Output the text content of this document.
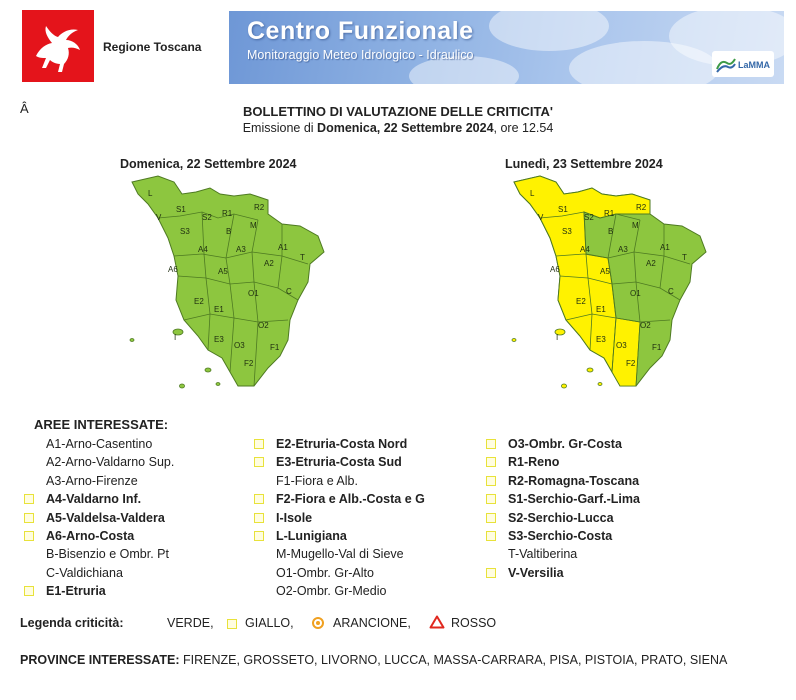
Regione Toscana
Centro Funzionale
Monitoraggio Meteo Idrologico - Idraulico
LaMMA
Â	BOLLETTINO DI VALUTAZIONE DELLE CRITICITA'
Emissione di Domenica, 22 Settembre 2024, ore 12.54
Domenica, 22 Settembre 2024	Lunedì, 23 Settembre 2024
L
V
S1
S2
S3
R2
R1
M
B
A4	A3	A1
A6	A5
A2
T
E2
O1	C
E1
O2
I	E3
O3	F1
F2
L
V
S1
S2
S3
R2
R1
M
B
A4	A3	A1
A6	A5
A2
T
E2
O1	C
E1
O2
I	E3
O3	F1
F2
AREE INTERESSATE:
A1-Arno-Casentino
A2-Arno-Valdarno Sup.
A3-Arno-Firenze
A4-Valdarno Inf.
A5-Valdelsa-Valdera
A6-Arno-Costa
B-Bisenzio e Ombr. Pt
C-Valdichiana
E1-Etruria
E2-Etruria-Costa Nord
E3-Etruria-Costa Sud
F1-Fiora e Alb.
F2-Fiora e Alb.-Costa e G
I-Isole
L-Lunigiana
M-Mugello-Val di Sieve
O1-Ombr. Gr-Alto
O2-Ombr. Gr-Medio
O3-Ombr. Gr-Costa
R1-Reno
R2-Romagna-Toscana
S1-Serchio-Garf.-Lima
S2-Serchio-Lucca
S3-Serchio-Costa
T-Valtiberina
V-Versilia
Legenda criticità:	VERDE,	GIALLO,	ARANCIONE,	ROSSO
PROVINCE INTERESSATE: FIRENZE, GROSSETO, LIVORNO, LUCCA, MASSA-CARRARA, PISA, PISTOIA, PRATO, SIENA
